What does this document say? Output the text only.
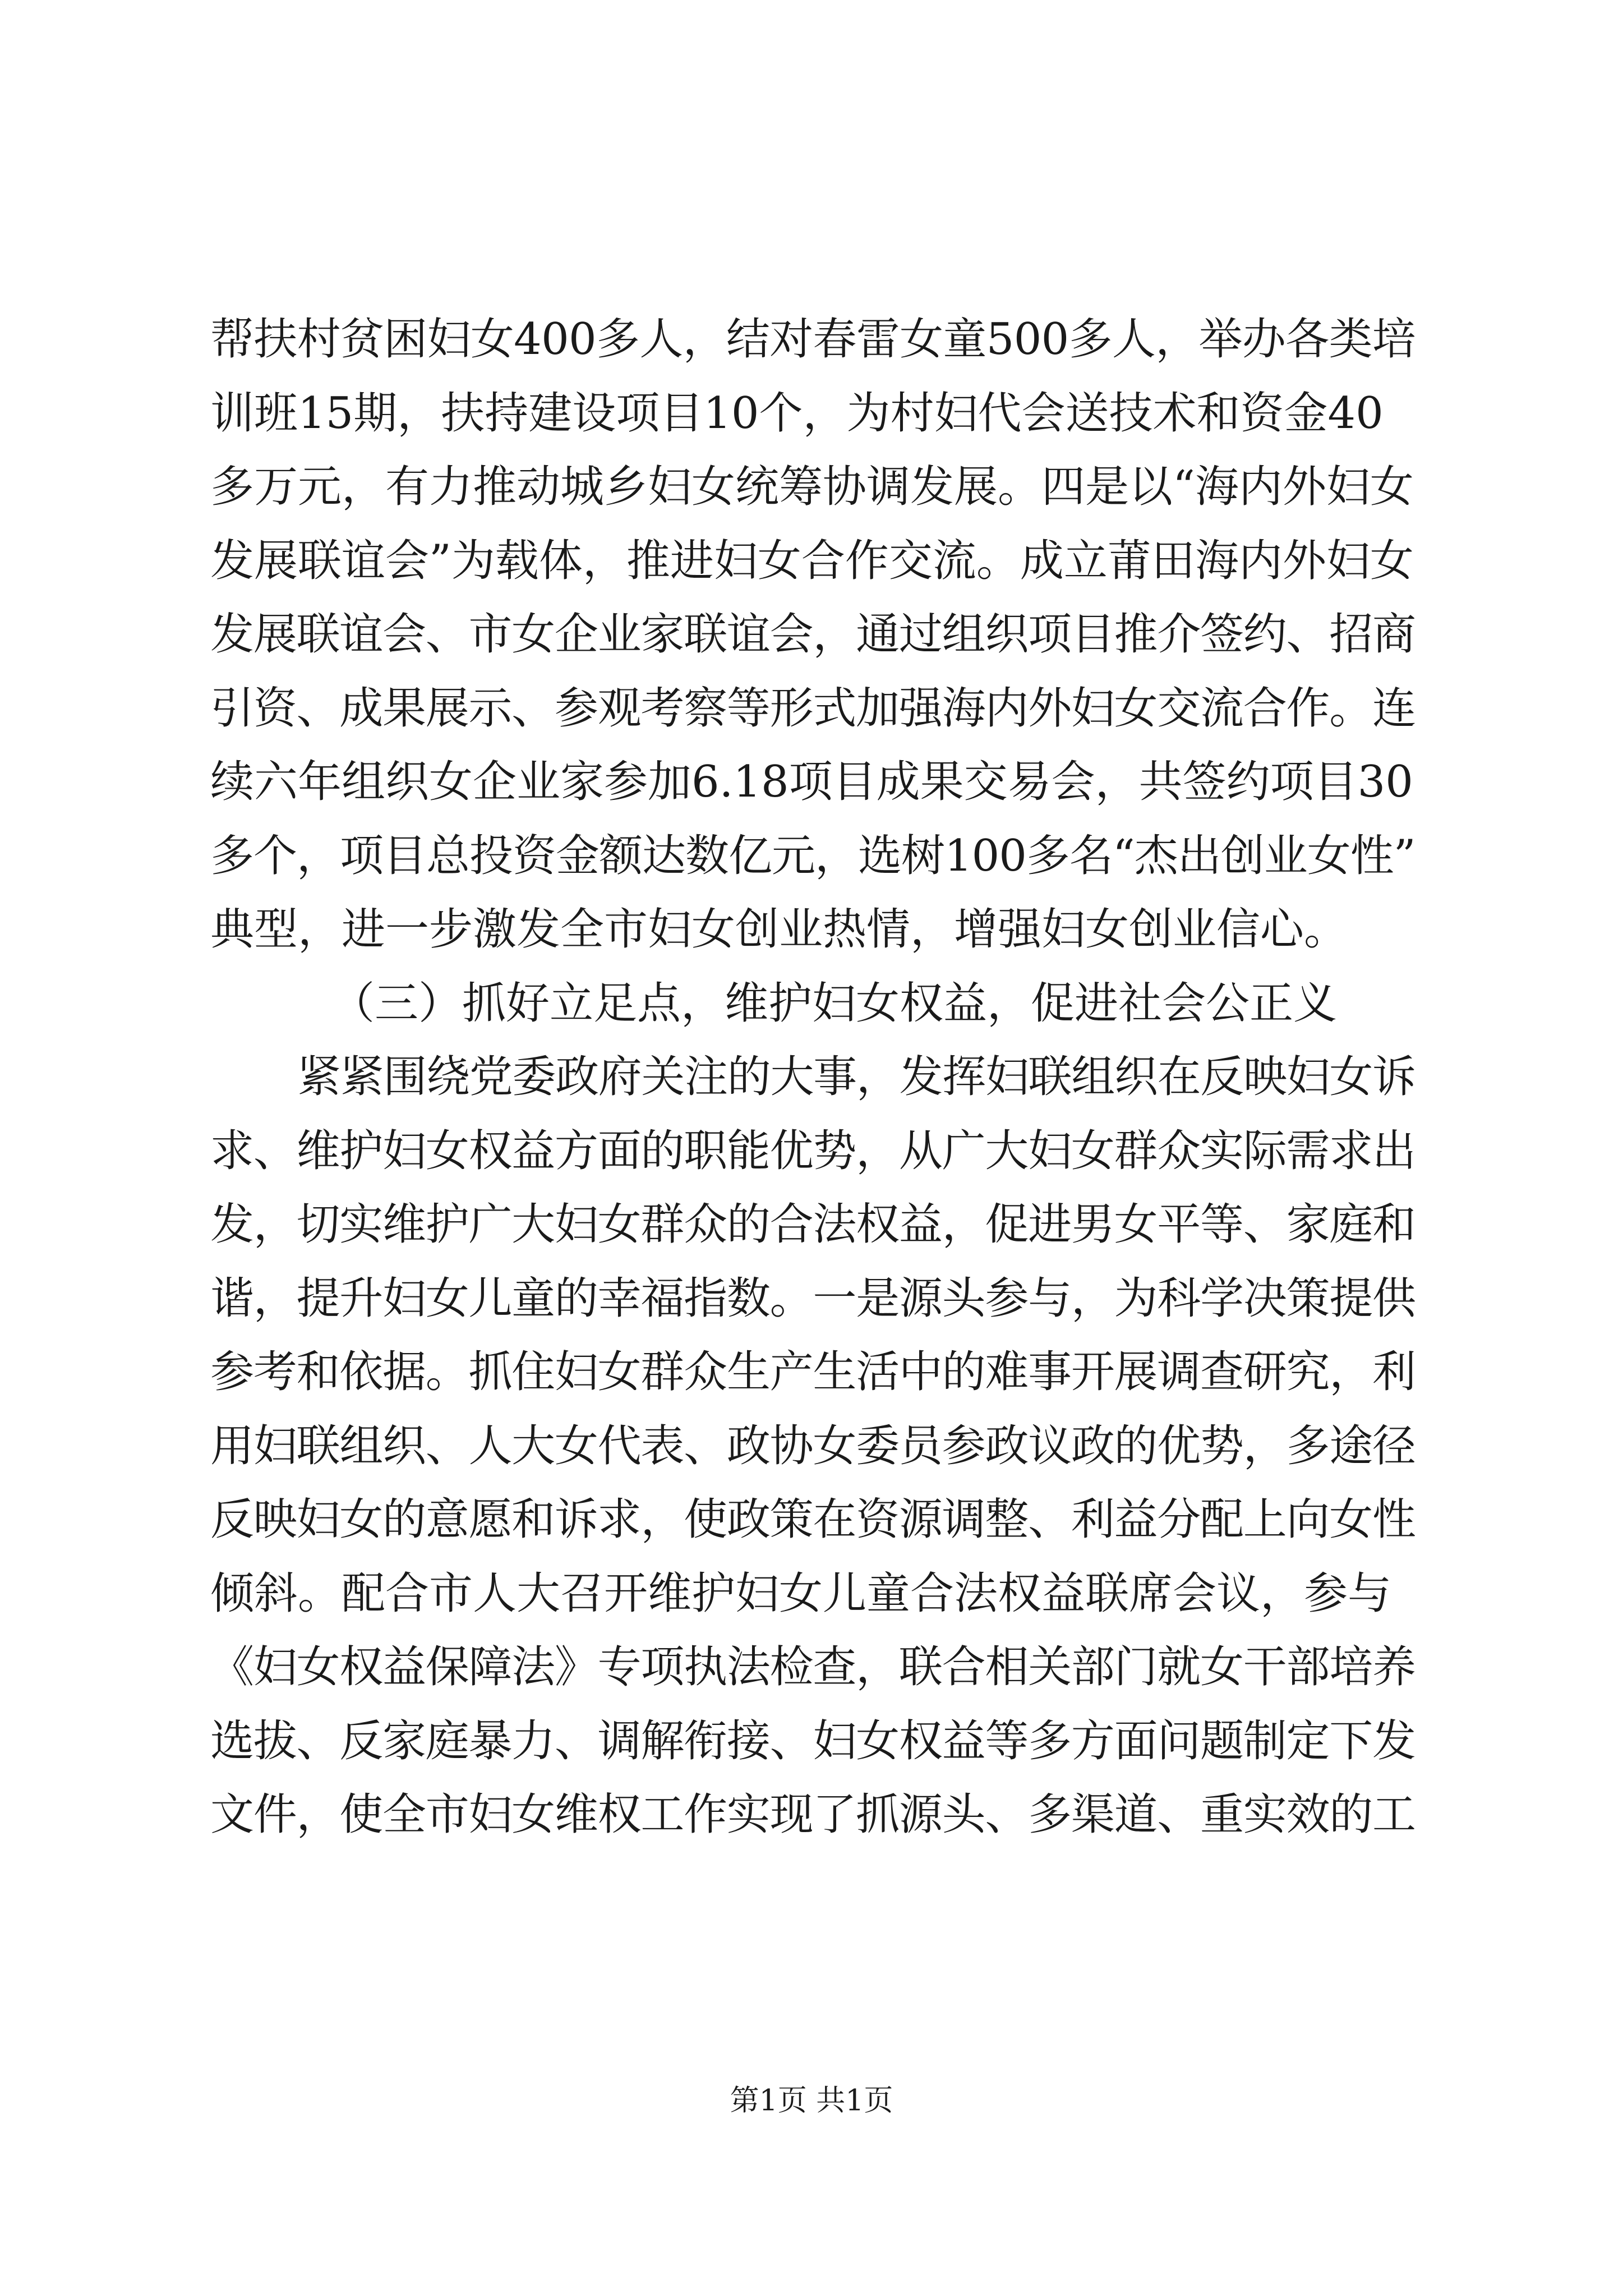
帮扶村贫困妇女400多人，结对春雷女童500多人，举办各类培
训班15期，扶持建设项目10个，为村妇代会送技术和资金40
多万元，有力推动城乡妇女统筹协调发展。四是以“海内外妇女
发展联谊会”为载体，推进妇女合作交流。成立莆田海内外妇女
发展联谊会、市女企业家联谊会，通过组织项目推介签约、招商
引资、成果展示、参观考察等形式加强海内外妇女交流合作。连
续六年组织女企业家参加6.18项目成果交易会，共签约项目30
多个，项目总投资金额达数亿元，选树100多名“杰出创业女性”
典型，进一步激发全市妇女创业热情，增强妇女创业信心。
（三）抓好立足点，维护妇女权益，促进社会公正义
紧紧围绕党委政府关注的大事，发挥妇联组织在反映妇女诉
求、维护妇女权益方面的职能优势，从广大妇女群众实际需求出
发，切实维护广大妇女群众的合法权益，促进男女平等、家庭和
谐，提升妇女儿童的幸福指数。一是源头参与，为科学决策提供
参考和依据。抓住妇女群众生产生活中的难事开展调查研究，利
用妇联组织、人大女代表、政协女委员参政议政的优势，多途径
反映妇女的意愿和诉求，使政策在资源调整、利益分配上向女性
倾斜。配合市人大召开维护妇女儿童合法权益联席会议，参与
《妇女权益保障法》专项执法检查，联合相关部门就女干部培养
选拔、反家庭暴力、调解衔接、妇女权益等多方面问题制定下发
文件，使全市妇女维权工作实现了抓源头、多渠道、重实效的工
第1页 共1页
